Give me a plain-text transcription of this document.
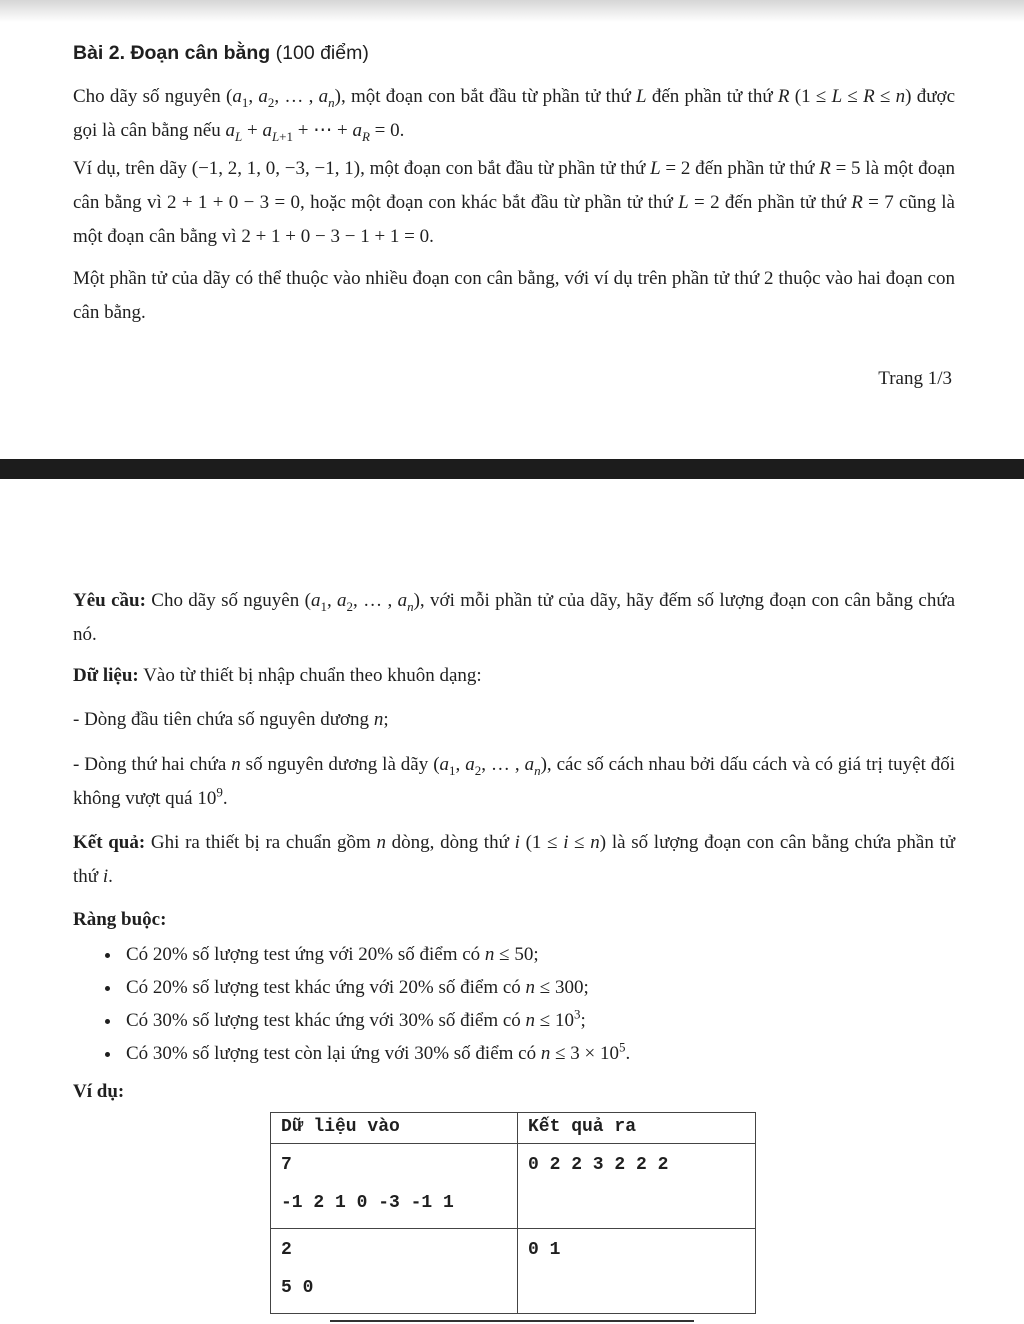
Bài 2. Đoạn cân bằng (100 điểm)
Cho dãy số nguyên ($a_1$, $a_2$, … , $a_n$), một đoạn con bắt đầu từ phần tử thứ L đến phần tử thứ R (1 ≤ L ≤ R ≤ n) được gọi là cân bằng nếu $a_L + a_{L+1}$ + ⋯ + $a_R = 0$.
Ví dụ, trên dãy (−1, 2, 1, 0, −3, −1, 1), một đoạn con bắt đầu từ phần tử thứ L = 2 đến phần tử thứ R = 5 là một đoạn cân bằng vì 2 + 1 + 0 − 3 = 0, hoặc một đoạn con khác bắt đầu từ phần tử thứ L = 2 đến phần tử thứ R = 7 cũng là một đoạn cân bằng vì 2 + 1 + 0 − 3 − 1 + 1 = 0.
Một phần tử của dãy có thể thuộc vào nhiều đoạn con cân bằng, với ví dụ trên phần tử thứ 2 thuộc vào hai đoạn con cân bằng.
Trang 1/3
Yêu cầu: Cho dãy số nguyên ($a_1$, $a_2$, … , $a_n$), với mỗi phần tử của dãy, hãy đếm số lượng đoạn con cân bằng chứa nó.
Dữ liệu: Vào từ thiết bị nhập chuẩn theo khuôn dạng:
- Dòng đầu tiên chứa số nguyên dương n;
- Dòng thứ hai chứa n số nguyên dương là dãy ($a_1$, $a_2$, … , $a_n$), các số cách nhau bởi dấu cách và có giá trị tuyệt đối không vượt quá $10^9$.
Kết quả: Ghi ra thiết bị ra chuẩn gồm n dòng, dòng thứ i (1 ≤ i ≤ n) là số lượng đoạn con cân bằng chứa phần tử thứ i.
Ràng buộc:
• Có 20% số lượng test ứng với 20% số điểm có n ≤ 50;
• Có 20% số lượng test khác ứng với 20% số điểm có n ≤ 300;
• Có 30% số lượng test khác ứng với 30% số điểm có $n \le 10^3$;
• Có 30% số lượng test còn lại ứng với 30% số điểm có $n \le 3 \times 10^5$.
Ví dụ:
Dữ liệu vào	Kết quả ra

7
-1 2 1 0 -3 -1 1	0 2 2 3 2 2 2

2
5 0	0 1
